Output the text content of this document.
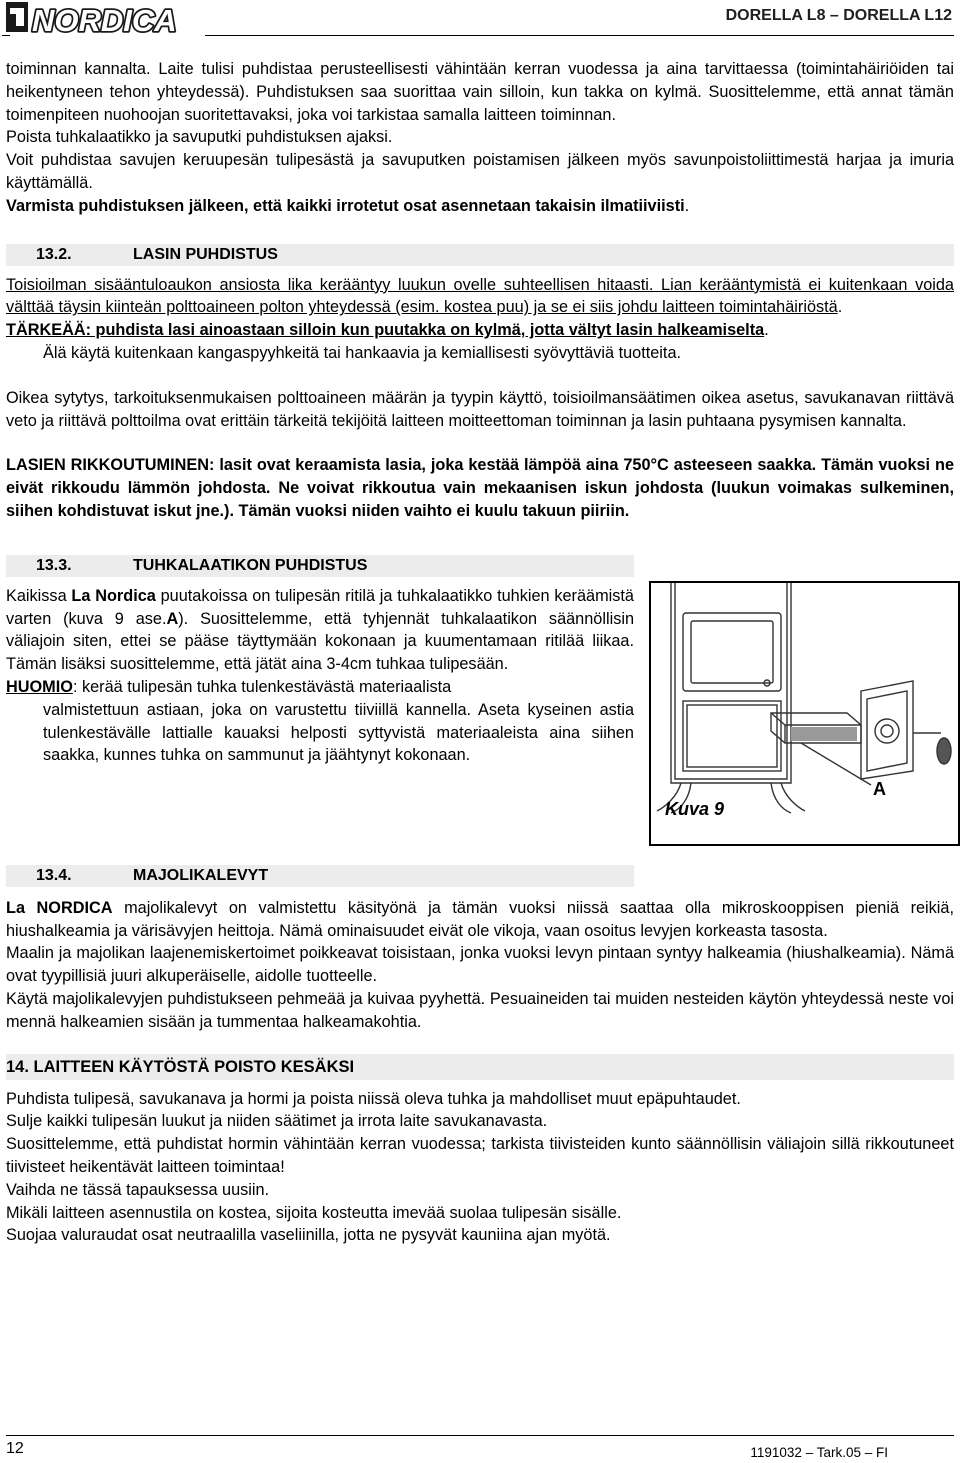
NORDICA	DORELLA L8 – DORELLA L12

toiminnan kannalta. Laite tulisi puhdistaa perusteellisesti vähintään kerran vuodessa ja aina tarvittaessa (toimintahäiriöiden tai heikentyneen tehon yhteydessä). Puhdistuksen saa suorittaa vain silloin, kun takka on kylmä. Suosittelemme, että annat tämän toimenpiteen nuohoojan suoritettavaksi, joka voi tarkistaa samalla laitteen toiminnan.

Poista tuhkalaatikko ja savuputki puhdistuksen ajaksi.

Voit puhdistaa savujen keruupesän tulipesästä ja savuputken poistamisen jälkeen myös savunpoistoliittimestä harjaa ja imuria käyttämällä.

Varmista puhdistuksen jälkeen, että kaikki irrotetut osat asennetaan takaisin ilmatiiviisti.

13.2.	LASIN PUHDISTUS

Toisioilman sisääntuloaukon ansiosta lika kerääntyy luukun ovelle suhteellisen hitaasti. Lian kerääntymistä ei kuitenkaan voida välttää täysin kiinteän polttoaineen polton yhteydessä (esim. kostea puu) ja se ei siis johdu laitteen toimintahäiriöstä.

TÄRKEÄÄ: puhdista lasi ainoastaan silloin kun puutakka on kylmä, jotta vältyt lasin halkeamiselta.

Älä käytä kuitenkaan kangaspyyhkeitä tai hankaavia ja kemiallisesti syövyttäviä tuotteita.

Oikea sytytys, tarkoituksenmukaisen polttoaineen määrän ja tyypin käyttö, toisioilmansäätimen oikea asetus, savukanavan riittävä veto ja riittävä polttoilma ovat erittäin tärkeitä tekijöitä laitteen moitteettoman toiminnan ja lasin puhtaana pysymisen kannalta.

LASIEN RIKKOUTUMINEN: lasit ovat keraamista lasia, joka kestää lämpöä aina 750°C asteeseen saakka. Tämän vuoksi ne eivät rikkoudu lämmön johdosta. Ne voivat rikkoutua vain mekaanisen iskun johdosta (luukun voimakas sulkeminen, siihen kohdistuvat iskut jne.). Tämän vuoksi niiden vaihto ei kuulu takuun piiriin.

13.3.	TUHKALAATIKON PUHDISTUS

Kaikissa La Nordica puutakoissa on tulipesän ritilä ja tuhkalaatikko tuhkien keräämistä varten (kuva 9 ase.A). Suosittelemme, että tyhjennät tuhkalaatikon säännöllisin väliajoin siten, ettei se pääse täyttymään kokonaan ja kuumentamaan ritilää liikaa. Tämän lisäksi suosittelemme, että jätät aina 3-4cm tuhkaa tulipesään.

HUOMIO: kerää tulipesän tuhka tulenkestävästä materiaalista

valmistettuun astiaan, joka on varustettu tiiviillä kannella. Aseta kyseinen astia tulenkestävälle lattialle kauaksi helposti syttyvistä materiaaleista aina siihen saakka, kunnes tuhka on sammunut ja jäähtynyt kokonaan.

Kuva 9
A
13.4.	MAJOLIKALEVYT

La NORDICA majolikalevyt on valmistettu käsityönä ja tämän vuoksi niissä saattaa olla mikroskooppisen pieniä reikiä, hiushalkeamia ja värisävyjen heittoja. Nämä ominaisuudet eivät ole vikoja, vaan osoitus levyjen korkeasta tasosta.

Maalin ja majolikan laajenemiskertoimet poikkeavat toisistaan, jonka vuoksi levyn pintaan syntyy halkeamia (hiushalkeamia). Nämä ovat tyypillisiä juuri alkuperäiselle, aidolle tuotteelle.

Käytä majolikalevyjen puhdistukseen pehmeää ja kuivaa pyyhettä. Pesuaineiden tai muiden nesteiden käytön yhteydessä neste voi mennä halkeamien sisään ja tummentaa halkeamakohtia.

14. LAITTEEN KÄYTÖSTÄ POISTO KESÄKSI

Puhdista tulipesä, savukanava ja hormi ja poista niissä oleva tuhka ja mahdolliset muut epäpuhtaudet.

Sulje kaikki tulipesän luukut ja niiden säätimet ja irrota laite savukanavasta.

Suosittelemme, että puhdistat hormin vähintään kerran vuodessa; tarkista tiivisteiden kunto säännöllisin väliajoin sillä rikkoutuneet tiivisteet heikentävät laitteen toimintaa!

Vaihda ne tässä tapauksessa uusiin.

Mikäli laitteen asennustila on kostea, sijoita kosteutta imevää suolaa tulipesän sisälle.

Suojaa valuraudat osat neutraalilla vaseliinilla, jotta ne pysyvät kauniina ajan myötä.

12	1191032 – Tark.05 – FI
